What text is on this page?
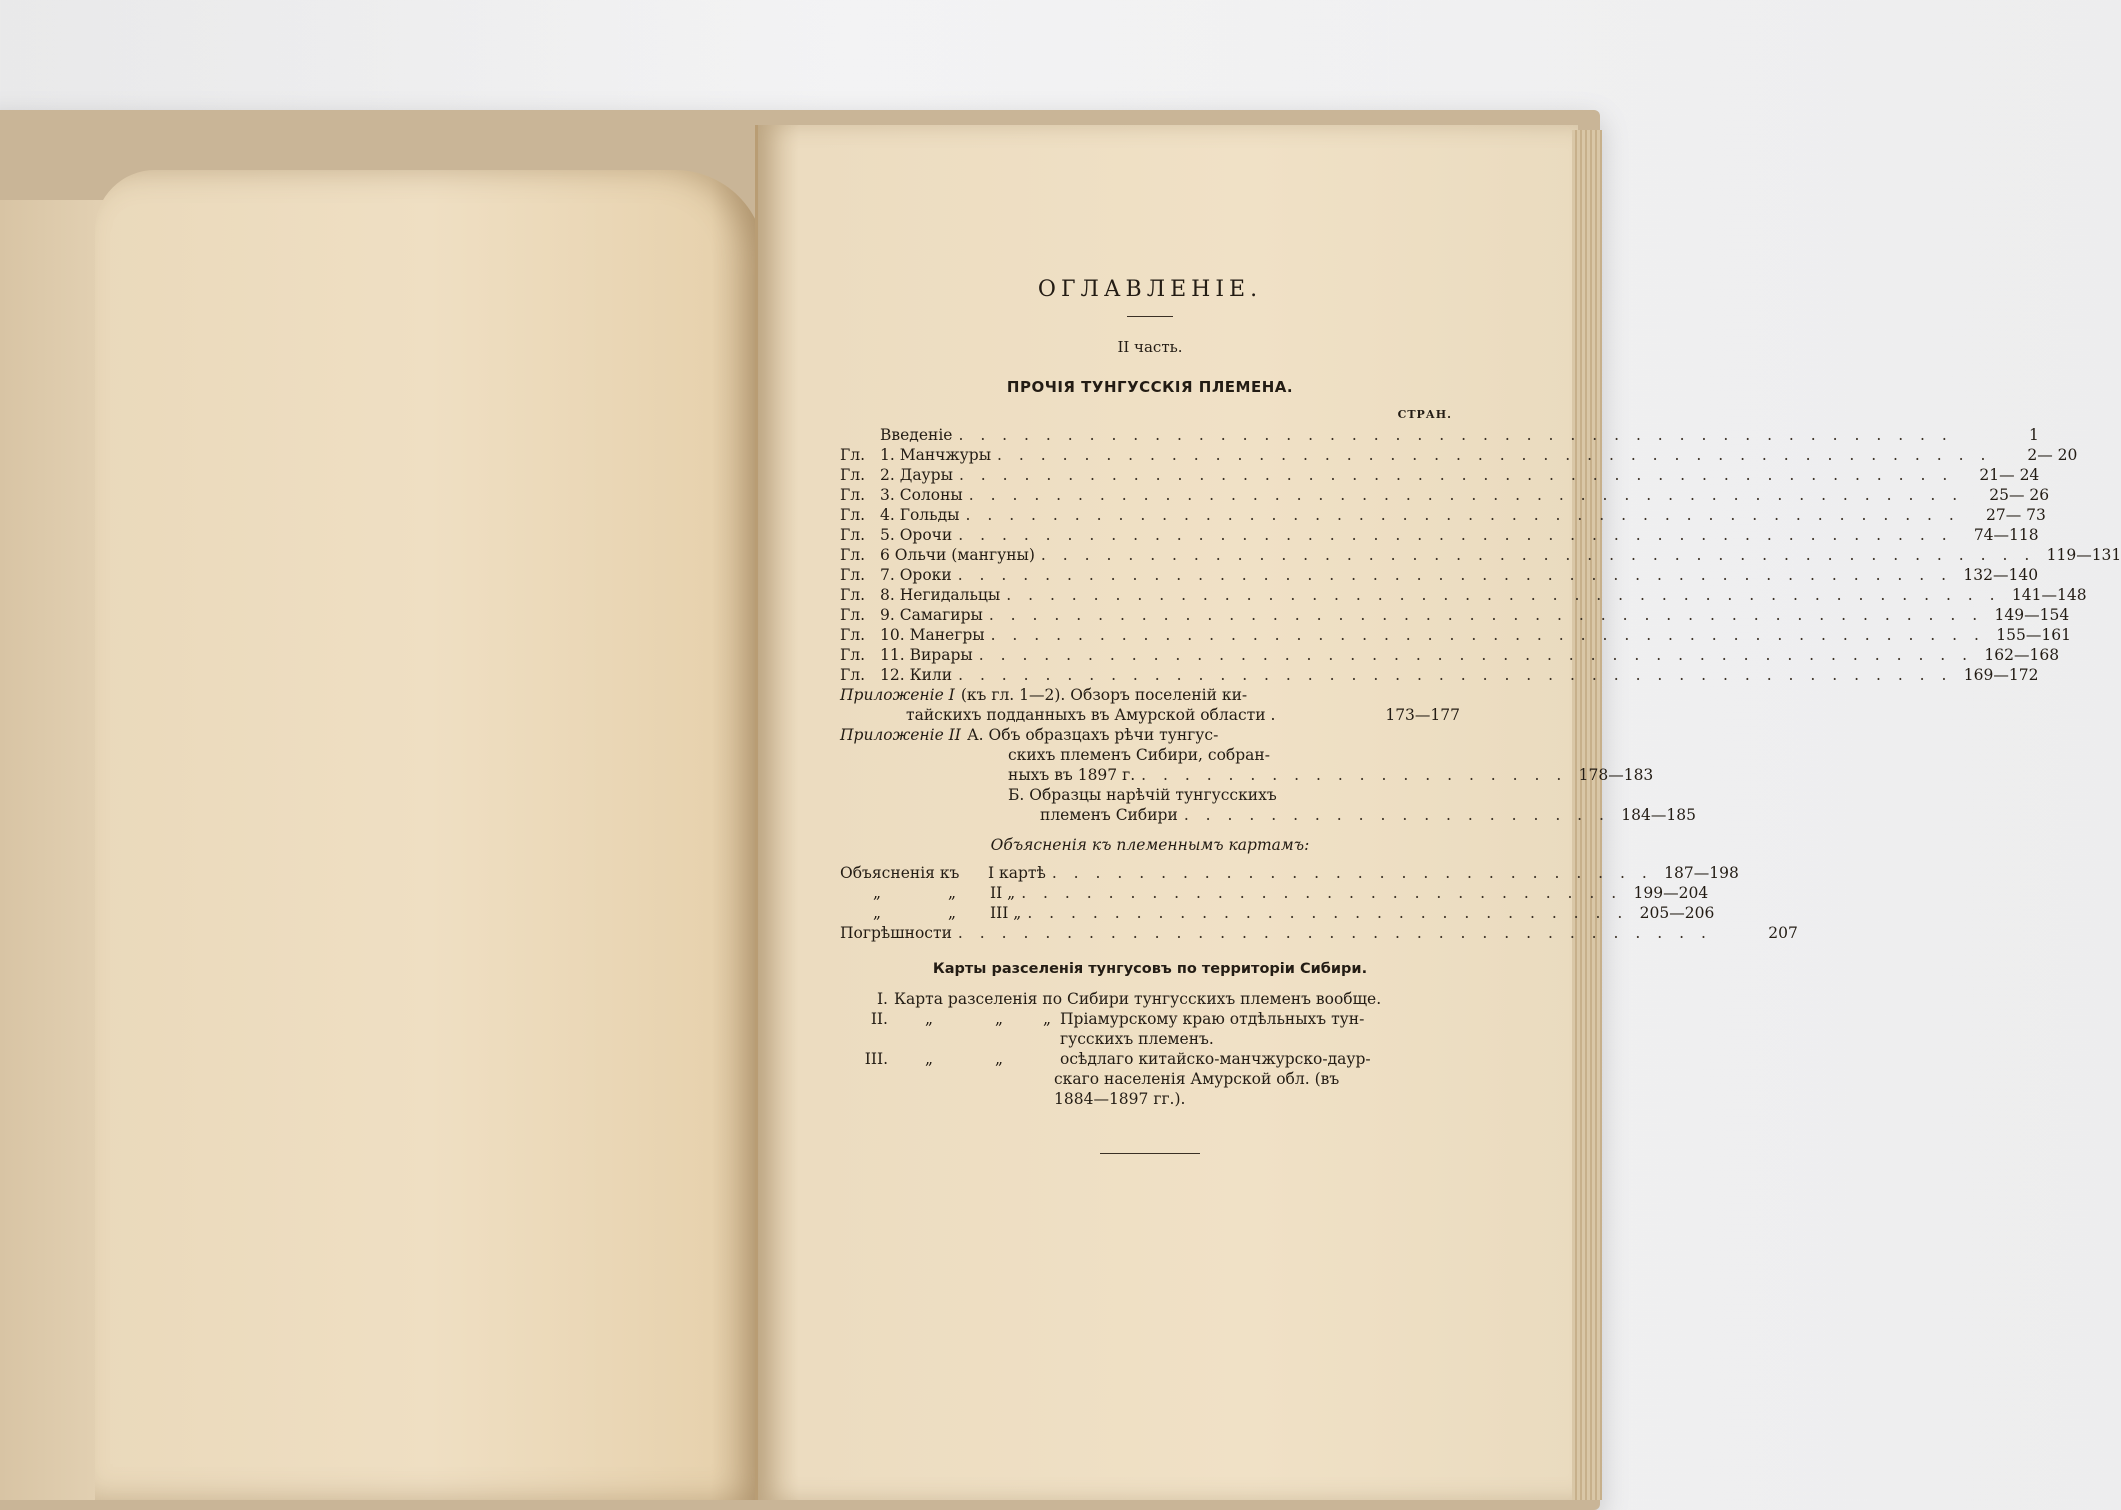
ОГЛАВЛЕНIЕ.
II часть.
ПРОЧIЯ ТУНГУССКIЯ ПЛЕМЕНА.
СТРАН.
Введенiе . . . . . . . . . . . . . . . . . . . . . . . . . . . . . . . . . . . . . . . . . . . . . .	1
Гл. 1. Манчжуры . . . . . . . . . . . . . . . . . . . . . . . . . . . . . . . . . . . . . . . . . . . . . .	2— 20
Гл. 2. Дауры . . . . . . . . . . . . . . . . . . . . . . . . . . . . . . . . . . . . . . . . . . . . . .	21— 24
Гл. 3. Солоны . . . . . . . . . . . . . . . . . . . . . . . . . . . . . . . . . . . . . . . . . . . . . .	25— 26
Гл. 4. Гольды . . . . . . . . . . . . . . . . . . . . . . . . . . . . . . . . . . . . . . . . . . . . . .	27— 73
Гл. 5. Орочи . . . . . . . . . . . . . . . . . . . . . . . . . . . . . . . . . . . . . . . . . . . . . .	74—118
Гл. 6 Ольчи (мангуны) . . . . . . . . . . . . . . . . . . . . . . . . . . . . . . . . . . . . . . . . . . . . . . 119—131
Гл. 7. Ороки . . . . . . . . . . . . . . . . . . . . . . . . . . . . . . . . . . . . . . . . . . . . . . 132—140
Гл. 8. Негидальцы . . . . . . . . . . . . . . . . . . . . . . . . . . . . . . . . . . . . . . . . . . . . . . 141—148
Гл. 9. Самагиры . . . . . . . . . . . . . . . . . . . . . . . . . . . . . . . . . . . . . . . . . . . . . . 149—154
Гл. 10. Манегры . . . . . . . . . . . . . . . . . . . . . . . . . . . . . . . . . . . . . . . . . . . . . . 155—161
Гл. 11. Вирары . . . . . . . . . . . . . . . . . . . . . . . . . . . . . . . . . . . . . . . . . . . . . . 162—168
Гл. 12. Кили . . . . . . . . . . . . . . . . . . . . . . . . . . . . . . . . . . . . . . . . . . . . . . 169—172
Приложенiе I (къ гл. 1—2). Обзоръ поселенiй ки-
тайскихъ подданныхъ въ Амурской области .	173—177
Приложенiе II А. Объ образцахъ рѣчи тунгус-
скихъ племенъ Сибири, собран-
ныхъ въ 1897 г. . . . . . . . . . . . . . . . . . . . . 178—183
Б. Образцы нарѣчiй тунгусскихъ
племенъ Сибири . . . . . . . . . . . . . . . . . . . . 184—185
Объясненiя къ племеннымъ картамъ:
Объясненiя къ	I картѣ . . . . . . . . . . . . . . . . . . . . . . . . . . . . 187—198
„	„	II „ . . . . . . . . . . . . . . . . . . . . . . . . . . . . 199—204
„	„	III „ . . . . . . . . . . . . . . . . . . . . . . . . . . . . 205—206
Погрѣшности . . . . . . . . . . . . . . . . . . . . . . . . . . . . . . . . . . .	207
Карты разселенiя тунгусовъ по территорiи Сибири.
I. Карта разселенiя по Сибири тунгусскихъ племенъ вообще.
II.	„	„	„ Прiамурскому краю отдѣльныхъ тун-
гусскихъ племенъ.
III.	„	„	осѣдлаго китайско-манчжурско-даур-
скаго населенiя Амурской обл. (въ
1884—1897 гг.).
